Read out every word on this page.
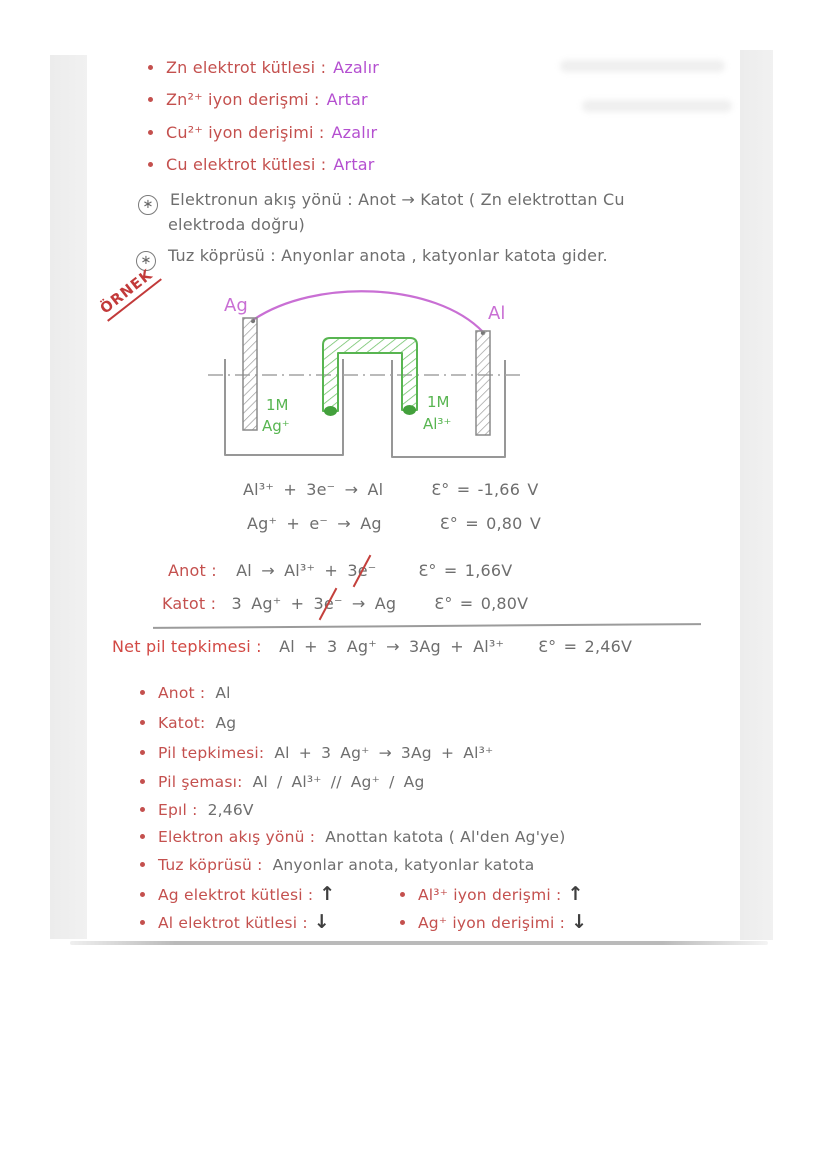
Zn elektrot kütlesi : Azalır
Zn²⁺ iyon derişmi : Artar
Cu²⁺ iyon derişimi : Azalır
Cu elektrot kütlesi : Artar
∗ Elektronun akış yönü : Anot → Katot ( Zn elektrottan Cu
elektroda doğru)
∗ Tuz köprüsü : Anyonlar anota , katyonlar katota gider.
ÖRNEK	Ag	Al
1M
Ag⁺
1M
Al³⁺
Al³⁺ + 3e⁻ → Al	Ɛ° = -1,66 V
Ag⁺ + e⁻ → Ag	Ɛ° = 0,80 V
Anot : Al → Al³⁺ + 3e⁻	Ɛ° = 1,66V
Katot : 3 Ag⁺ + 3e⁻ → Ag Ɛ° = 0,80V
Net pil tepkimesi : Al + 3 Ag⁺ → 3Ag + Al³⁺ Ɛ° = 2,46V
Anot : Al
Katot: Ag
Pil tepkimesi: Al + 3 Ag⁺ → 3Ag + Al³⁺
Pil şeması: Al / Al³⁺ // Ag⁺ / Ag
Epıl : 2,46V
Elektron akış yönü : Anottan katota ( Al'den Ag'ye)
Tuz köprüsü : Anyonlar anota, katyonlar katota
Ag elektrot kütlesi : ↑	Al³⁺ iyon derişmi : ↑
Al elektrot kütlesi : ↓	Ag⁺ iyon derişimi : ↓
